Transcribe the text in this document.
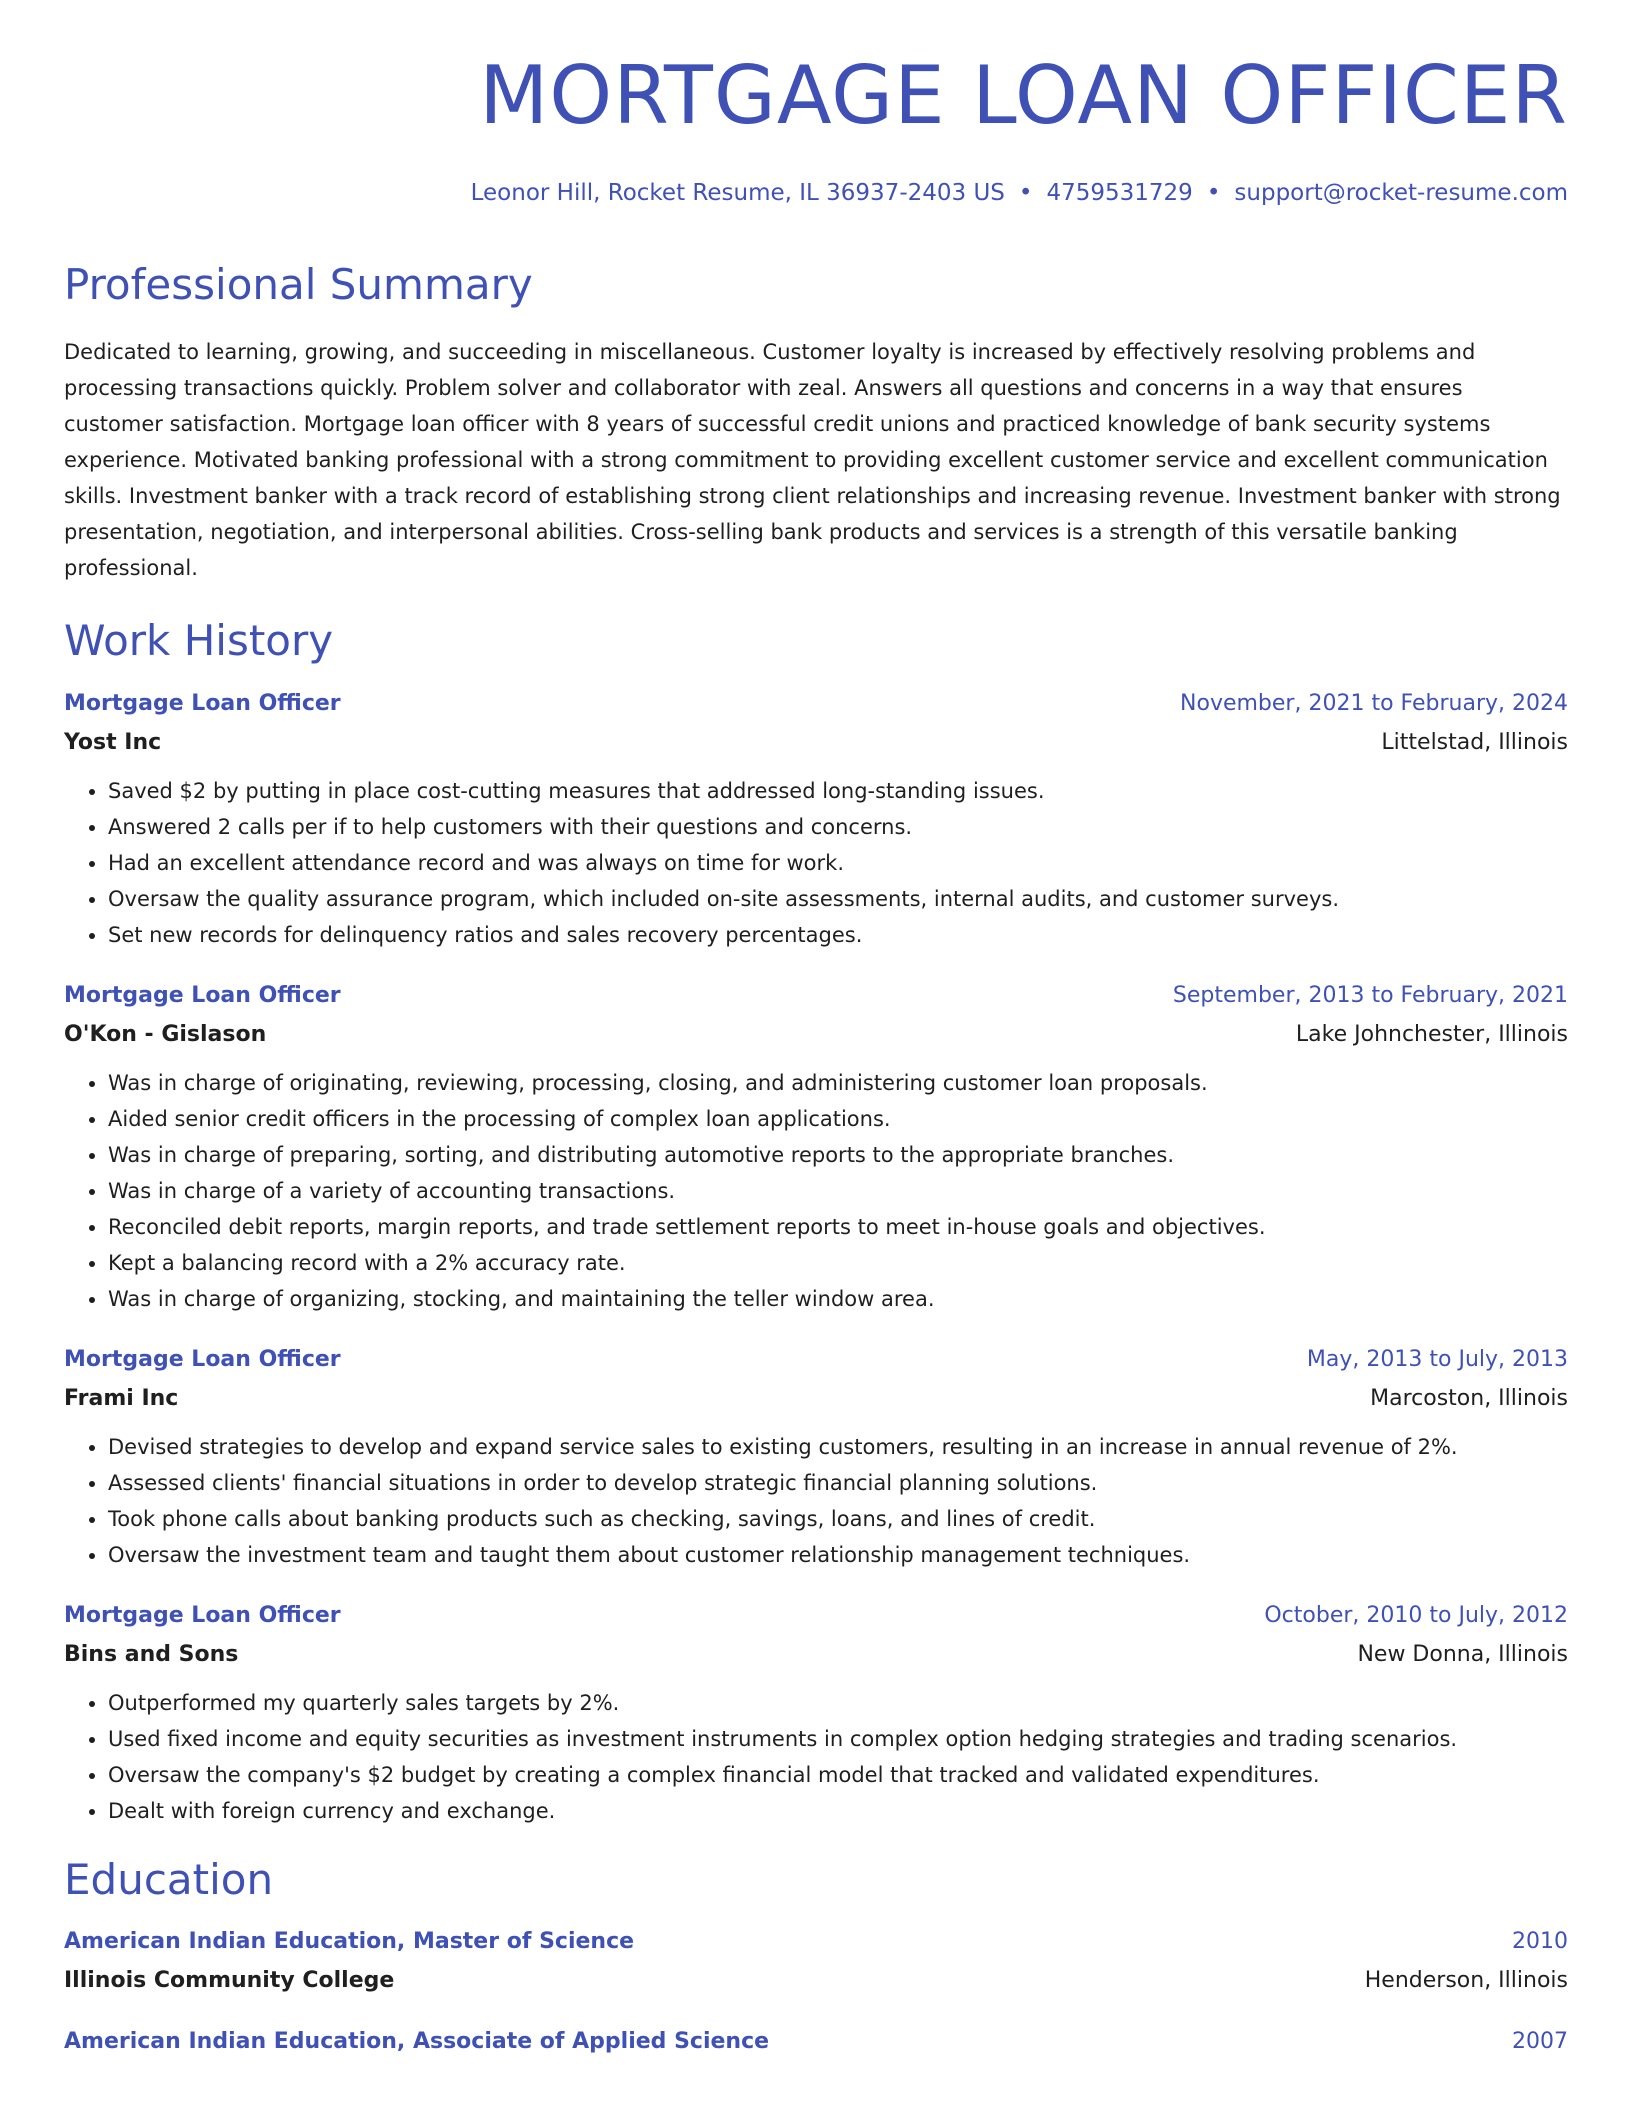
MORTGAGE LOAN OFFICER
Leonor Hill, Rocket Resume, IL 36937-2403 US • 4759531729 • support@rocket-resume.com
Professional Summary
Dedicated to learning, growing, and succeeding in miscellaneous. Customer loyalty is increased by effectively resolving problems and processing transactions quickly. Problem solver and collaborator with zeal. Answers all questions and concerns in a way that ensures customer satisfaction. Mortgage loan officer with 8 years of successful credit unions and practiced knowledge of bank security systems experience. Motivated banking professional with a strong commitment to providing excellent customer service and excellent communication skills. Investment banker with a track record of establishing strong client relationships and increasing revenue. Investment banker with strong presentation, negotiation, and interpersonal abilities. Cross-selling bank products and services is a strength of this versatile banking professional.
Work History
Mortgage Loan Officer	November, 2021 to February, 2024
Yost Inc	Littelstad, Illinois
• Saved $2 by putting in place cost-cutting measures that addressed long-standing issues.
• Answered 2 calls per if to help customers with their questions and concerns.
• Had an excellent attendance record and was always on time for work.
• Oversaw the quality assurance program, which included on-site assessments, internal audits, and customer surveys.
• Set new records for delinquency ratios and sales recovery percentages.
Mortgage Loan Officer	September, 2013 to February, 2021
O'Kon - Gislason	Lake Johnchester, Illinois
• Was in charge of originating, reviewing, processing, closing, and administering customer loan proposals.
• Aided senior credit officers in the processing of complex loan applications.
• Was in charge of preparing, sorting, and distributing automotive reports to the appropriate branches.
• Was in charge of a variety of accounting transactions.
• Reconciled debit reports, margin reports, and trade settlement reports to meet in-house goals and objectives.
• Kept a balancing record with a 2% accuracy rate.
• Was in charge of organizing, stocking, and maintaining the teller window area.
Mortgage Loan Officer	May, 2013 to July, 2013
Frami Inc	Marcoston, Illinois
• Devised strategies to develop and expand service sales to existing customers, resulting in an increase in annual revenue of 2%.
• Assessed clients' financial situations in order to develop strategic financial planning solutions.
• Took phone calls about banking products such as checking, savings, loans, and lines of credit.
• Oversaw the investment team and taught them about customer relationship management techniques.
Mortgage Loan Officer	October, 2010 to July, 2012
Bins and Sons	New Donna, Illinois
• Outperformed my quarterly sales targets by 2%.
• Used fixed income and equity securities as investment instruments in complex option hedging strategies and trading scenarios.
• Oversaw the company's $2 budget by creating a complex financial model that tracked and validated expenditures.
• Dealt with foreign currency and exchange.
Education
American Indian Education, Master of Science	2010
Illinois Community College	Henderson, Illinois
American Indian Education, Associate of Applied Science	2007
